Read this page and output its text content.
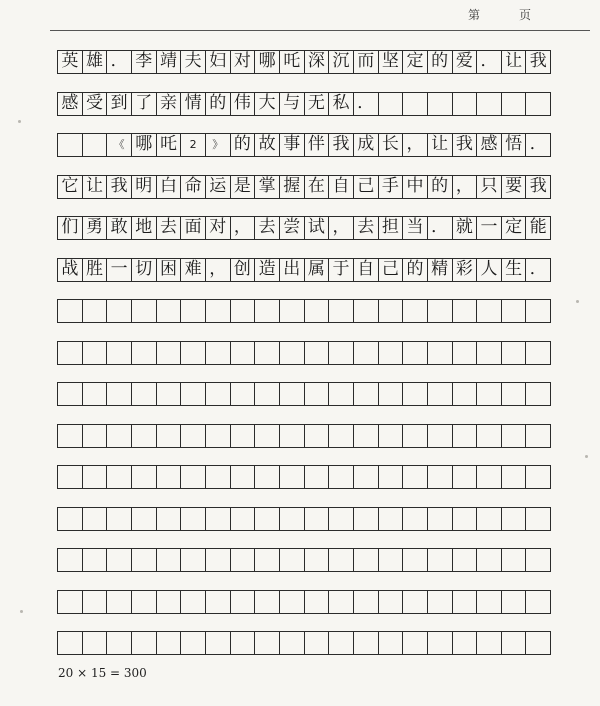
第	页
英 雄 ． 李 靖 夫 妇 对 哪 吒 深 沉 而 坚 定 的 爱 ． 让 我
感 受 到 了 亲 情 的 伟 大 与 无 私 ．
《 哪 吒	2	》 的 故 事 伴 我 成 长 ， 让 我 感 悟 ．
它 让 我 明 白 命 运 是 掌 握 在 自 己 手 中 的 ， 只 要 我
们 勇 敢 地 去 面 对 ， 去 尝 试 ， 去 担 当 ． 就 一 定 能
战 胜 一 切 困 难 ， 创 造 出 属 于 自 己 的 精 彩 人 生 ．
20 × 15 = 300
